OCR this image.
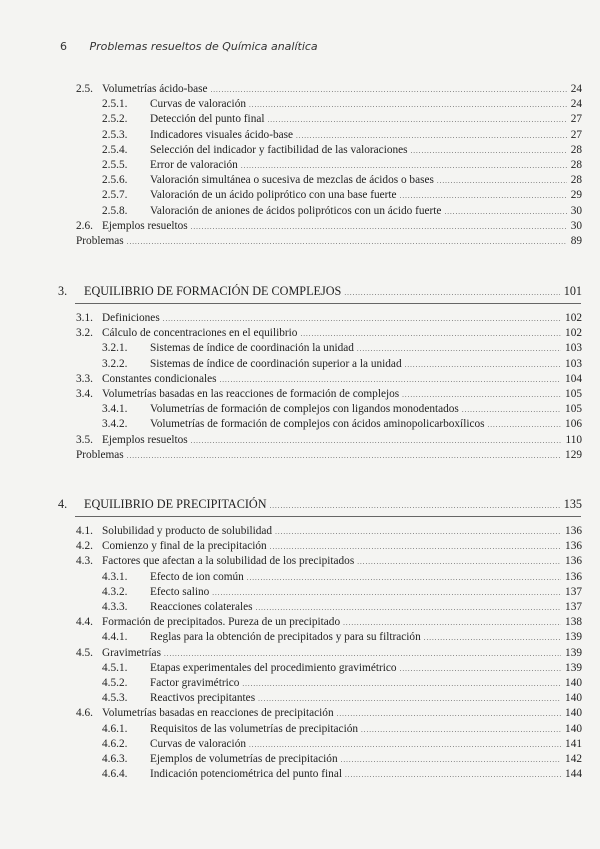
6 Problemas resueltos de Química analítica
2.5. Volumetrías ácido-base .....	24
2.5.1. Curvas de valoración .....	24
2.5.2. Detección del punto final .....	27
2.5.3. Indicadores visuales ácido-base .....	27
2.5.4. Selección del indicador y factibilidad de las valoraciones .....	28
2.5.5. Error de valoración .....	28
2.5.6. Valoración simultánea o sucesiva de mezclas de ácidos o bases .....	28
2.5.7. Valoración de un ácido poliprótico con una base fuerte .....	29
2.5.8. Valoración de aniones de ácidos polipróticos con un ácido fuerte .....	30
2.6. Ejemplos resueltos .....	30
Problemas .....	89
3. EQUILIBRIO DE FORMACIÓN DE COMPLEJOS .....	101
3.1. Definiciones .....	102
3.2. Cálculo de concentraciones en el equilibrio .....	102
3.2.1. Sistemas de índice de coordinación la unidad .....	103
3.2.2. Sistemas de índice de coordinación superior a la unidad .....	103
3.3. Constantes condicionales .....	104
3.4. Volumetrías basadas en las reacciones de formación de complejos .....	105
3.4.1. Volumetrías de formación de complejos con ligandos monodentados .....	105
3.4.2. Volumetrías de formación de complejos con ácidos aminopolicarboxílicos .....	106
3.5. Ejemplos resueltos .....	110
Problemas .....	129
4. EQUILIBRIO DE PRECIPITACIÓN .....	135
4.1. Solubilidad y producto de solubilidad .....	136
4.2. Comienzo y final de la precipitación .....	136
4.3. Factores que afectan a la solubilidad de los precipitados .....	136
4.3.1. Efecto de ion común .....	136
4.3.2. Efecto salino .....	137
4.3.3. Reacciones colaterales .....	137
4.4. Formación de precipitados. Pureza de un precipitado .....	138
4.4.1. Reglas para la obtención de precipitados y para su filtración .....	139
4.5. Gravimetrías .....	139
4.5.1. Etapas experimentales del procedimiento gravimétrico .....	139
4.5.2. Factor gravimétrico .....	140
4.5.3. Reactivos precipitantes .....	140
4.6. Volumetrías basadas en reacciones de precipitación .....	140
4.6.1. Requisitos de las volumetrías de precipitación .....	140
4.6.2. Curvas de valoración .....	141
4.6.3. Ejemplos de volumetrías de precipitación .....	142
4.6.4. Indicación potenciométrica del punto final .....	144
